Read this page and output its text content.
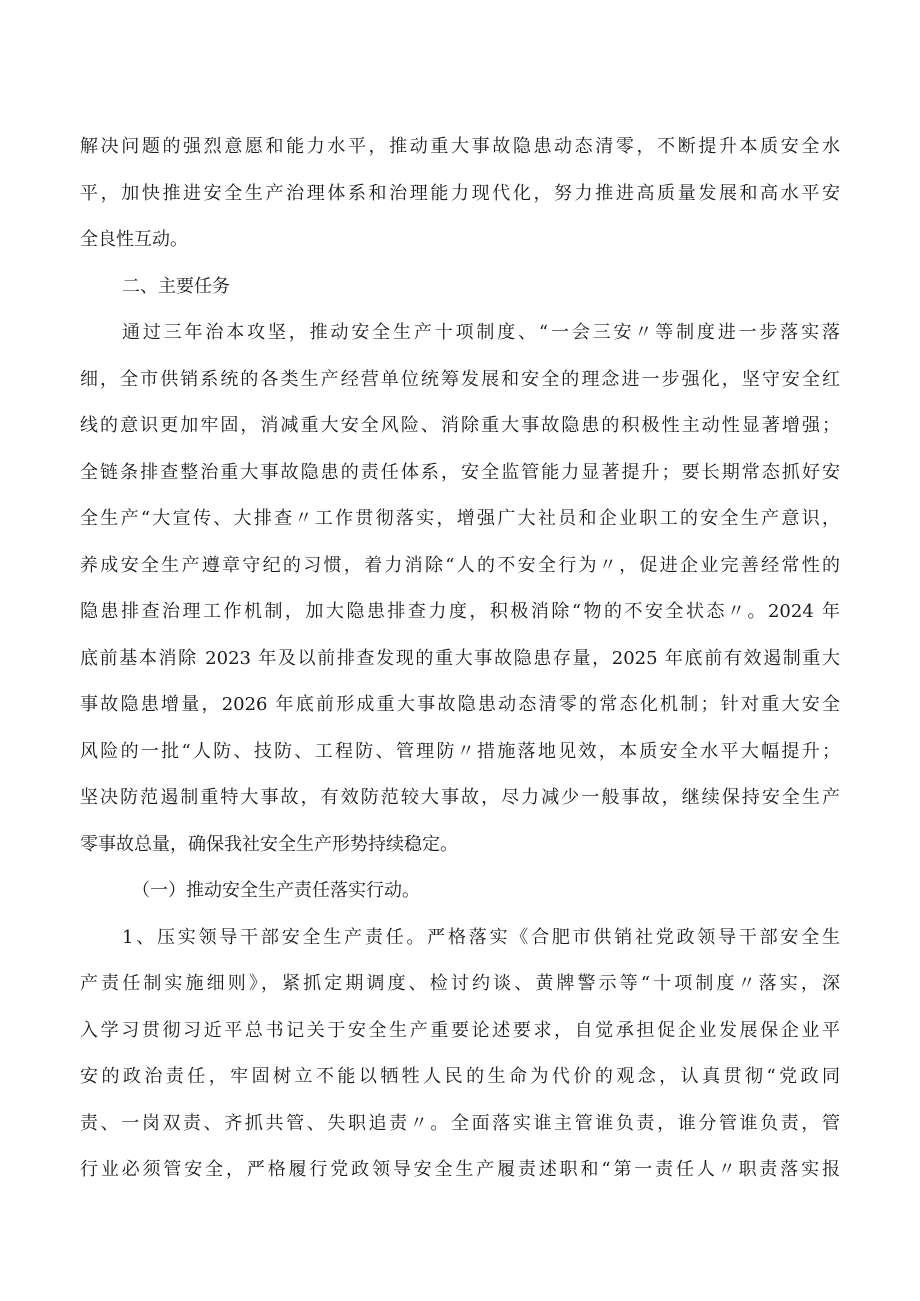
解决问题的强烈意愿和能力水平，推动重大事故隐患动态清零，不断提升本质安全水
平，加快推进安全生产治理体系和治理能力现代化，努力推进高质量发展和高水平安
全良性互动。
二、主要任务
通过三年治本攻坚，推动安全生产十项制度、“一会三安〃等制度进一步落实落
细，全市供销系统的各类生产经营单位统筹发展和安全的理念进一步强化，坚守安全红
线的意识更加牢固，消减重大安全风险、消除重大事故隐患的积极性主动性显著增强；
全链条排查整治重大事故隐患的责任体系，安全监管能力显著提升；要长期常态抓好安
全生产“大宣传、大排查〃工作贯彻落实，增强广大社员和企业职工的安全生产意识，
养成安全生产遵章守纪的习惯，着力消除“人的不安全行为〃，促进企业完善经常性的
隐患排查治理工作机制，加大隐患排查力度，积极消除“物的不安全状态〃。2024 年
底前基本消除 2023 年及以前排查发现的重大事故隐患存量，2025 年底前有效遏制重大
事故隐患增量，2026 年底前形成重大事故隐患动态清零的常态化机制；针对重大安全
风险的一批“人防、技防、工程防、管理防〃措施落地见效，本质安全水平大幅提升；
坚决防范遏制重特大事故，有效防范较大事故，尽力减少一般事故，继续保持安全生产
零事故总量，确保我社安全生产形势持续稳定。
（一）推动安全生产责任落实行动。
1、压实领导干部安全生产责任。严格落实《合肥市供销社党政领导干部安全生
产责任制实施细则》，紧抓定期调度、检讨约谈、黄牌警示等“十项制度〃落实，深
入学习贯彻习近平总书记关于安全生产重要论述要求，自觉承担促企业发展保企业平
安的政治责任，牢固树立不能以牺牲人民的生命为代价的观念，认真贯彻“党政同
责、一岗双责、齐抓共管、失职追责〃。全面落实谁主管谁负责，谁分管谁负责，管
行业必须管安全，严格履行党政领导安全生产履责述职和“第一责任人〃职责落实报
